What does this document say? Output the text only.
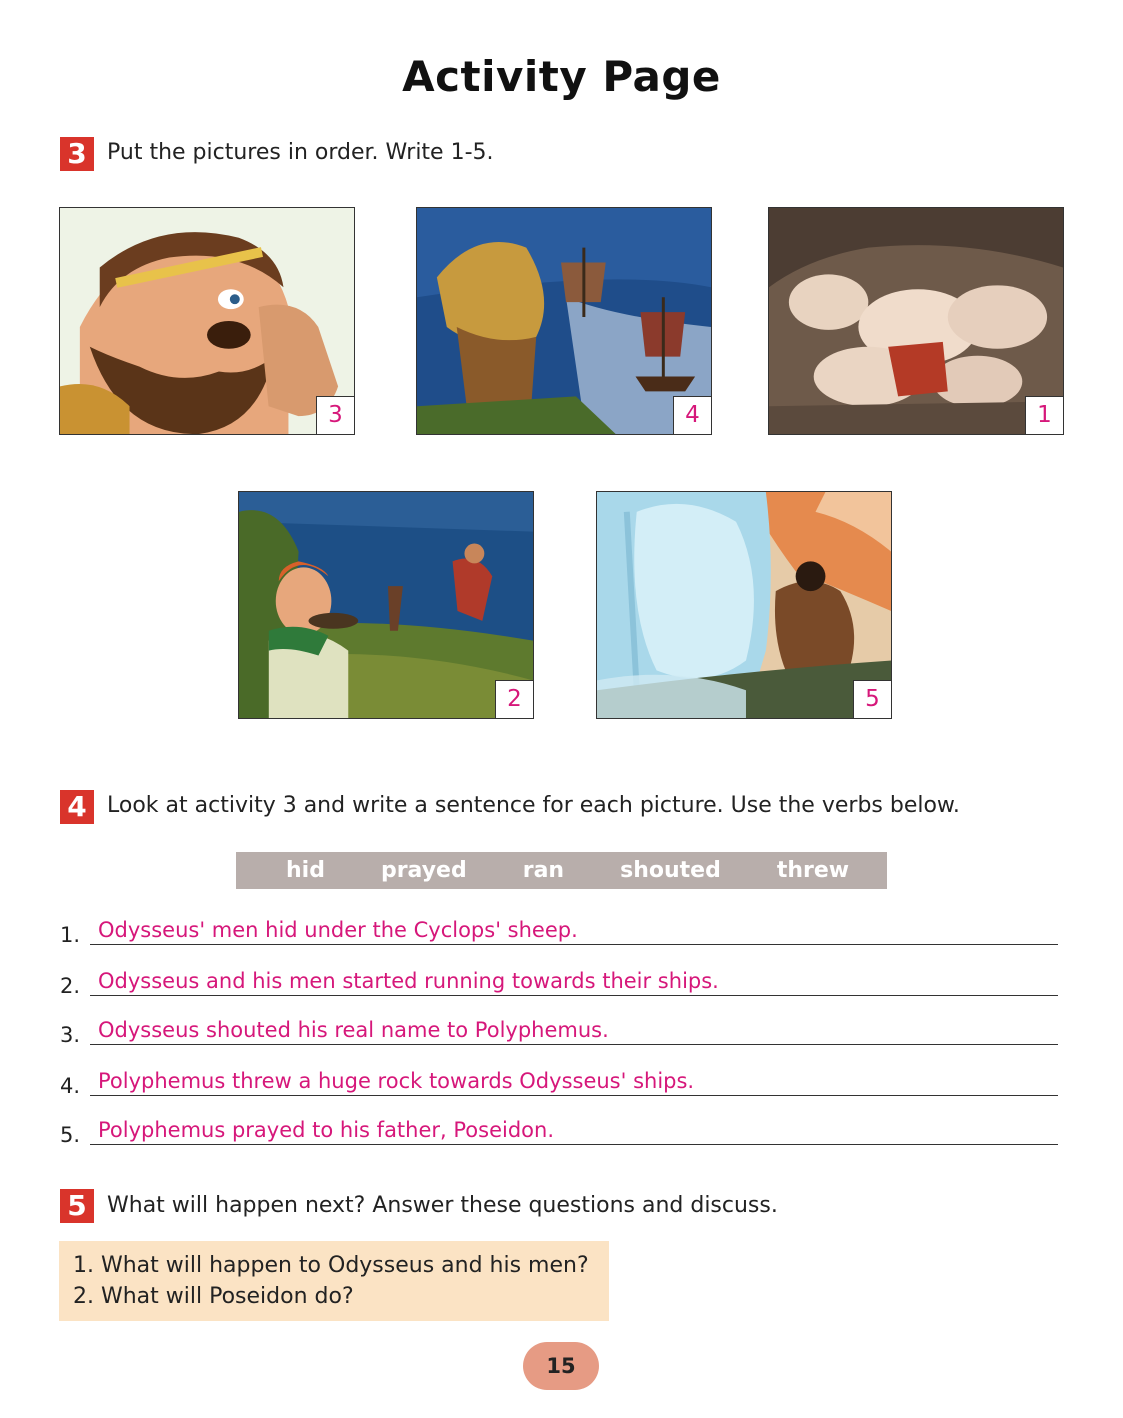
Activity Page
3 Put the pictures in order. Write 1-5.
3	4	1
2	5
4 Look at activity 3 and write a sentence for each picture. Use the verbs below.
hid	prayed	ran	shouted	threw
1. Odysseus' men hid under the Cyclops' sheep.
2. Odysseus and his men started running towards their ships.
3. Odysseus shouted his real name to Polyphemus.
4. Polyphemus threw a huge rock towards Odysseus' ships.
5. Polyphemus prayed to his father, Poseidon.
5 What will happen next? Answer these questions and discuss.
1. What will happen to Odysseus and his men?
2. What will Poseidon do?
15
